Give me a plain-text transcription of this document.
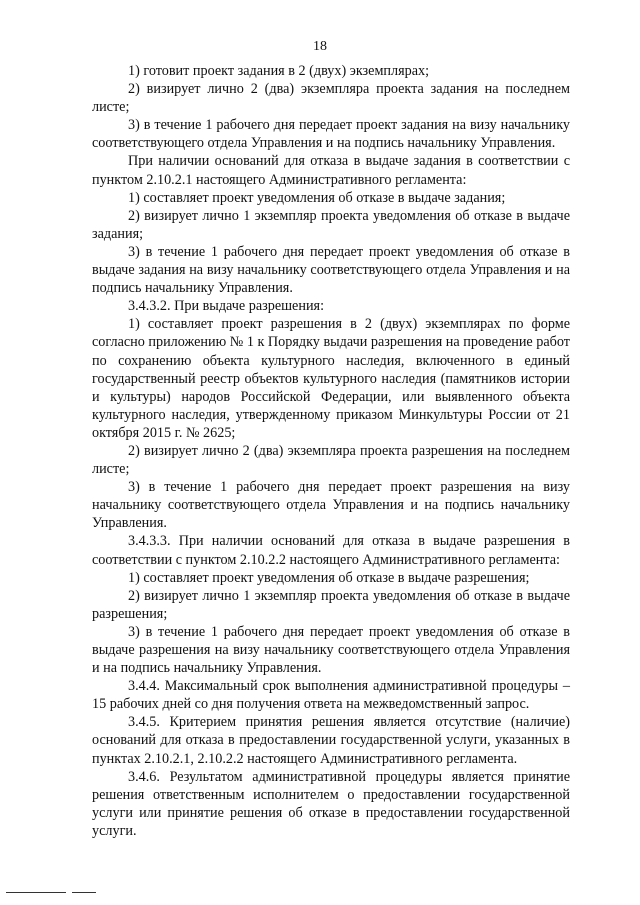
18

1) готовит проект задания в 2 (двух) экземплярах;

2) визирует лично 2 (два) экземпляра проекта задания на последнем листе;

3) в течение 1 рабочего дня передает проект задания на визу начальнику соответствующего отдела Управления и на подпись начальнику Управления.

При наличии оснований для отказа в выдаче задания в соответствии с пунктом 2.10.2.1 настоящего Административного регламента:

1) составляет проект уведомления об отказе в выдаче задания;

2) визирует лично 1 экземпляр проекта уведомления об отказе в выдаче задания;

3) в течение 1 рабочего дня передает проект уведомления об отказе в выдаче задания на визу начальнику соответствующего отдела Управления и на подпись начальнику Управления.

3.4.3.2. При выдаче разрешения:

1) составляет проект разрешения в 2 (двух) экземплярах по форме согласно приложению № 1 к Порядку выдачи разрешения на проведение работ по сохранению объекта культурного наследия, включенного в единый государственный реестр объектов культурного наследия (памятников истории и культуры) народов Российской Федерации, или выявленного объекта культурного наследия, утвержденному приказом Минкультуры России от 21 октября 2015 г. № 2625;

2) визирует лично 2 (два) экземпляра проекта разрешения на последнем листе;

3) в течение 1 рабочего дня передает проект разрешения на визу начальнику соответствующего отдела Управления и на подпись начальнику Управления.

3.4.3.3. При наличии оснований для отказа в выдаче разрешения в соответствии с пунктом 2.10.2.2 настоящего Административного регламента:

1) составляет проект уведомления об отказе в выдаче разрешения;

2) визирует лично 1 экземпляр проекта уведомления об отказе в выдаче разрешения;

3) в течение 1 рабочего дня передает проект уведомления об отказе в выдаче разрешения на визу начальнику соответствующего отдела Управления и на подпись начальнику Управления.

3.4.4. Максимальный срок выполнения административной процедуры – 15 рабочих дней со дня получения ответа на межведомственный запрос.

3.4.5. Критерием принятия решения является отсутствие (наличие) оснований для отказа в предоставлении государственной услуги, указанных в пунктах 2.10.2.1, 2.10.2.2 настоящего Административного регламента.

3.4.6. Результатом административной процедуры является принятие решения ответственным исполнителем о предоставлении государственной услуги или принятие решения об отказе в предоставлении государственной услуги.
